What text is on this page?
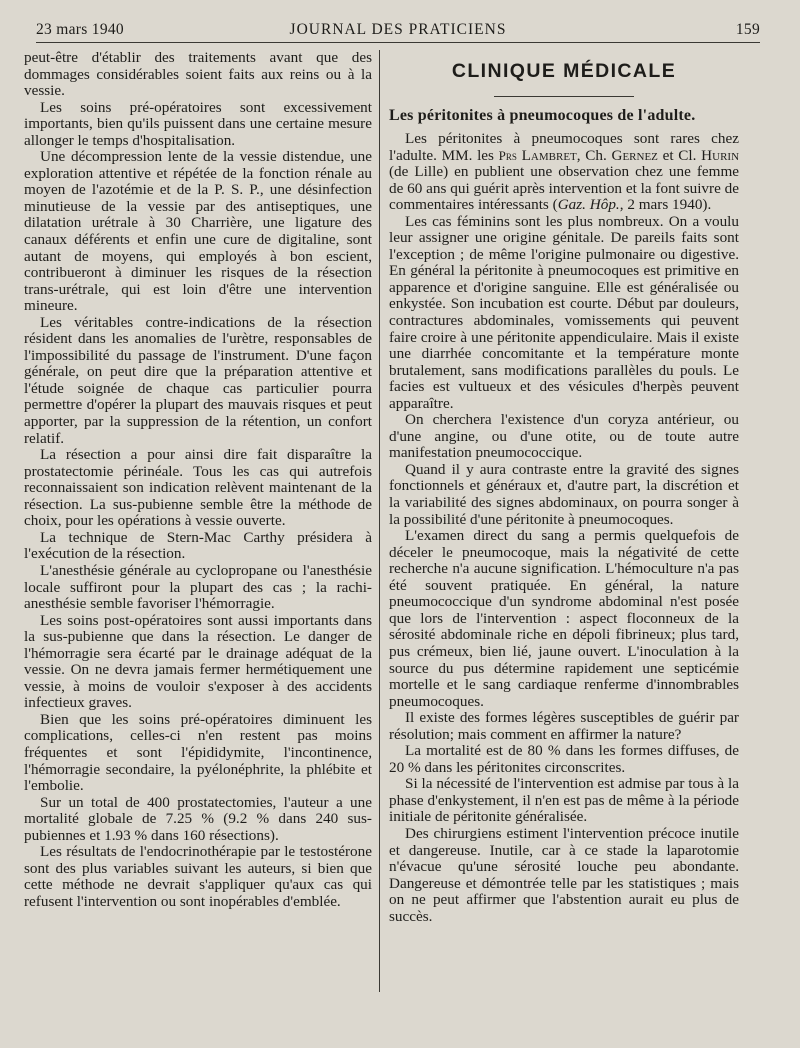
23 mars 1940	JOURNAL DES PRATICIENS	159

peut-être d'établir des traitements avant que des dommages considérables soient faits aux reins ou à la vessie.

Les soins pré-opératoires sont excessivement importants, bien qu'ils puissent dans une certaine mesure allonger le temps d'hospitalisation.

Une décompression lente de la vessie distendue, une exploration attentive et répétée de la fonction rénale au moyen de l'azotémie et de la P. S. P., une désinfection minutieuse de la vessie par des antiseptiques, une dilatation urétrale à 30 Charrière, une ligature des canaux déférents et enfin une cure de digitaline, sont autant de moyens, qui employés à bon escient, contribueront à diminuer les risques de la résection trans-urétrale, qui est loin d'être une intervention mineure.

Les véritables contre-indications de la résection résident dans les anomalies de l'urètre, responsables de l'impossibilité du passage de l'instrument. D'une façon générale, on peut dire que la préparation attentive et l'étude soignée de chaque cas particulier pourra permettre d'opérer la plupart des mauvais risques et peut apporter, par la suppression de la rétention, un confort relatif.

La résection a pour ainsi dire fait disparaître la prostatectomie périnéale. Tous les cas qui autrefois reconnaissaient son indication relèvent maintenant de la résection. La sus-pubienne semble être la méthode de choix, pour les opérations à vessie ouverte.

La technique de Stern-Mac Carthy présidera à l'exécution de la résection.

L'anesthésie générale au cyclopropane ou l'anesthésie locale suffiront pour la plupart des cas ; la rachi-anesthésie semble favoriser l'hémorragie.

Les soins post-opératoires sont aussi importants dans la sus-pubienne que dans la résection. Le danger de l'hémorragie sera écarté par le drainage adéquat de la vessie. On ne devra jamais fermer hermétiquement une vessie, à moins de vouloir s'exposer à des accidents infectieux graves.

Bien que les soins pré-opératoires diminuent les complications, celles-ci n'en restent pas moins fréquentes et sont l'épididymite, l'incontinence, l'hémorragie secondaire, la pyélonéphrite, la phlébite et l'embolie.

Sur un total de 400 prostatectomies, l'auteur a une mortalité globale de 7.25 % (9.2 % dans 240 sus-pubiennes et 1.93 % dans 160 résections).

Les résultats de l'endocrinothérapie par le testostérone sont des plus variables suivant les auteurs, si bien que cette méthode ne devrait s'appliquer qu'aux cas qui refusent l'intervention ou sont inopérables d'emblée.

CLINIQUE MÉDICALE
Les péritonites à pneumocoques de l'adulte.

Les péritonites à pneumocoques sont rares chez l'adulte. MM. les Prs Lambret, Ch. Gernez et Cl. Hurin (de Lille) en publient une observation chez une femme de 60 ans qui guérit après intervention et la font suivre de commentaires intéressants (Gaz. Hôp., 2 mars 1940).

Les cas féminins sont les plus nombreux. On a voulu leur assigner une origine génitale. De pareils faits sont l'exception ; de même l'origine pulmonaire ou digestive. En général la péritonite à pneumocoques est primitive en apparence et d'origine sanguine. Elle est généralisée ou enkystée. Son incubation est courte. Début par douleurs, contractures abdominales, vomissements qui peuvent faire croire à une péritonite appendiculaire. Mais il existe une diarrhée concomitante et la température monte brutalement, sans modifications parallèles du pouls. Le facies est vultueux et des vésicules d'herpès peuvent apparaître.

On cherchera l'existence d'un coryza antérieur, ou d'une angine, ou d'une otite, ou de toute autre manifestation pneumococcique.

Quand il y aura contraste entre la gravité des signes fonctionnels et généraux et, d'autre part, la discrétion et la variabilité des signes abdominaux, on pourra songer à la possibilité d'une péritonite à pneumocoques.

L'examen direct du sang a permis quelquefois de déceler le pneumocoque, mais la négativité de cette recherche n'a aucune signification. L'hémoculture n'a pas été souvent pratiquée. En général, la nature pneumococcique d'un syndrome abdominal n'est posée que lors de l'intervention : aspect floconneux de la sérosité abdominale riche en dépoli fibrineux; plus tard, pus crémeux, bien lié, jaune ouvert. L'inoculation à la source du pus détermine rapidement une septicémie mortelle et le sang cardiaque renferme d'innombrables pneumocoques.

Il existe des formes légères susceptibles de guérir par résolution; mais comment en affirmer la nature?

La mortalité est de 80 % dans les formes diffuses, de 20 % dans les péritonites circonscrites.

Si la nécessité de l'intervention est admise par tous à la phase d'enkystement, il n'en est pas de même à la période initiale de péritonite généralisée.

Des chirurgiens estiment l'intervention précoce inutile et dangereuse. Inutile, car à ce stade la laparotomie n'évacue qu'une sérosité louche peu abondante. Dangereuse et démontrée telle par les statistiques ; mais on ne peut affirmer que l'abstention aurait eu plus de succès.
